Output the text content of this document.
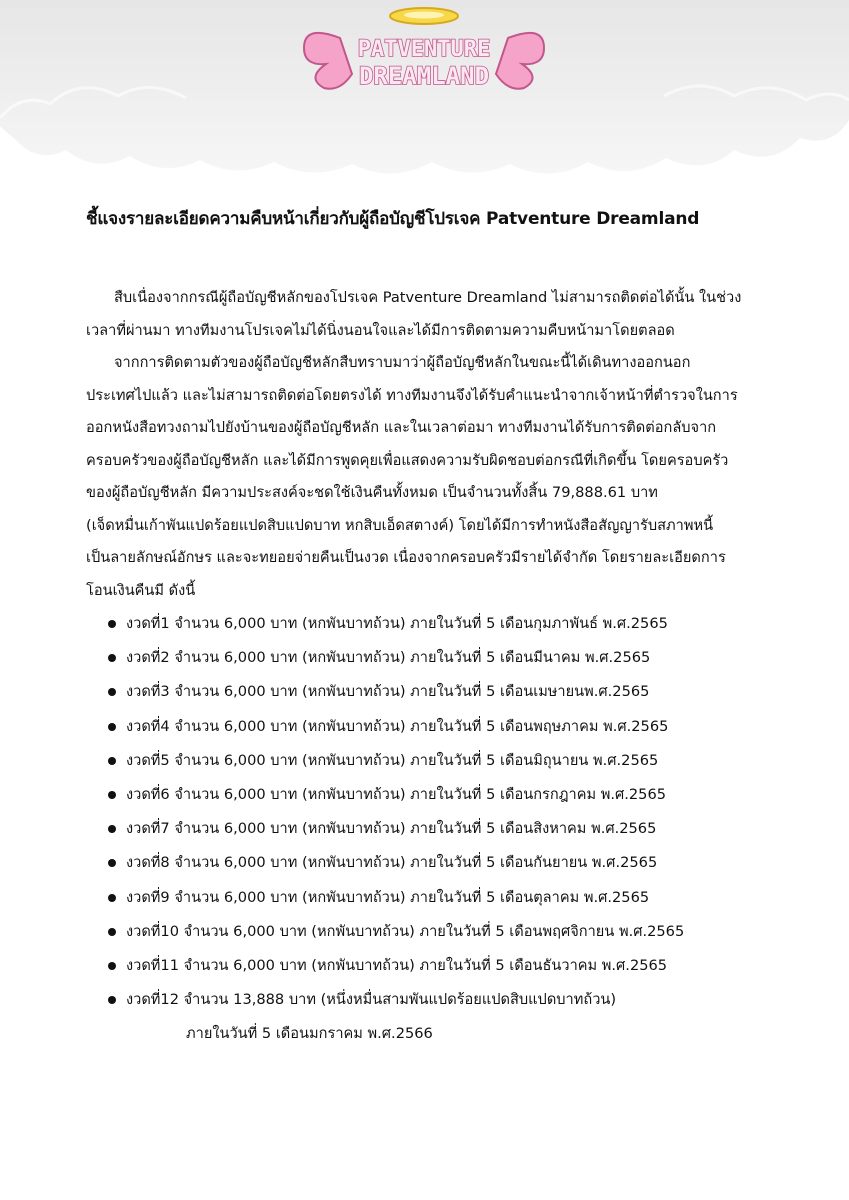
PATVENTURE
DREAMLAND
ชี้แจงรายละเอียดความคืบหน้าเกี่ยวกับผู้ถือบัญชีโปรเจค Patventure Dreamland

สืบเนื่องจากกรณีผู้ถือบัญชีหลักของโปรเจค Patventure Dreamland ไม่สามารถติดต่อได้นั้น ในช่วง
เวลาที่ผ่านมา ทางทีมงานโปรเจคไม่ได้นิ่งนอนใจและได้มีการติดตามความคืบหน้ามาโดยตลอด

จากการติดตามตัวของผู้ถือบัญชีหลักสืบทราบมาว่าผู้ถือบัญชีหลักในขณะนี้ได้เดินทางออกนอก
ประเทศไปแล้ว และไม่สามารถติดต่อโดยตรงได้ ทางทีมงานจึงได้รับคำแนะนำจากเจ้าหน้าที่ตำรวจในการ
ออกหนังสือทวงถามไปยังบ้านของผู้ถือบัญชีหลัก และในเวลาต่อมา ทางทีมงานได้รับการติดต่อกลับจาก
ครอบครัวของผู้ถือบัญชีหลัก และได้มีการพูดคุยเพื่อแสดงความรับผิดชอบต่อกรณีที่เกิดขึ้น โดยครอบครัว
ของผู้ถือบัญชีหลัก มีความประสงค์จะชดใช้เงินคืนทั้งหมด เป็นจำนวนทั้งสิ้น 79,888.61 บาท
(เจ็ดหมื่นเก้าพันแปดร้อยแปดสิบแปดบาท หกสิบเอ็ดสตางค์) โดยได้มีการทำหนังสือสัญญารับสภาพหนี้
เป็นลายลักษณ์อักษร และจะทยอยจ่ายคืนเป็นงวด เนื่องจากครอบครัวมีรายได้จำกัด โดยรายละเอียดการ
โอนเงินคืนมี ดังนี้

งวดที่1 จำนวน 6,000 บาท (หกพันบาทถ้วน) ภายในวันที่ 5 เดือนกุมภาพันธ์ พ.ศ.2565
งวดที่2 จำนวน 6,000 บาท (หกพันบาทถ้วน) ภายในวันที่ 5 เดือนมีนาคม พ.ศ.2565
งวดที่3 จำนวน 6,000 บาท (หกพันบาทถ้วน) ภายในวันที่ 5 เดือนเมษายนพ.ศ.2565
งวดที่4 จำนวน 6,000 บาท (หกพันบาทถ้วน) ภายในวันที่ 5 เดือนพฤษภาคม พ.ศ.2565
งวดที่5 จำนวน 6,000 บาท (หกพันบาทถ้วน) ภายในวันที่ 5 เดือนมิถุนายน พ.ศ.2565
งวดที่6 จำนวน 6,000 บาท (หกพันบาทถ้วน) ภายในวันที่ 5 เดือนกรกฎาคม พ.ศ.2565
งวดที่7 จำนวน 6,000 บาท (หกพันบาทถ้วน) ภายในวันที่ 5 เดือนสิงหาคม พ.ศ.2565
งวดที่8 จำนวน 6,000 บาท (หกพันบาทถ้วน) ภายในวันที่ 5 เดือนกันยายน พ.ศ.2565
งวดที่9 จำนวน 6,000 บาท (หกพันบาทถ้วน) ภายในวันที่ 5 เดือนตุลาคม พ.ศ.2565
งวดที่10 จำนวน 6,000 บาท (หกพันบาทถ้วน) ภายในวันที่ 5 เดือนพฤศจิกายน พ.ศ.2565
งวดที่11 จำนวน 6,000 บาท (หกพันบาทถ้วน) ภายในวันที่ 5 เดือนธันวาคม พ.ศ.2565
งวดที่12 จำนวน 13,888 บาท (หนึ่งหมื่นสามพันแปดร้อยแปดสิบแปดบาทถ้วน)
ภายในวันที่ 5 เดือนมกราคม พ.ศ.2566
